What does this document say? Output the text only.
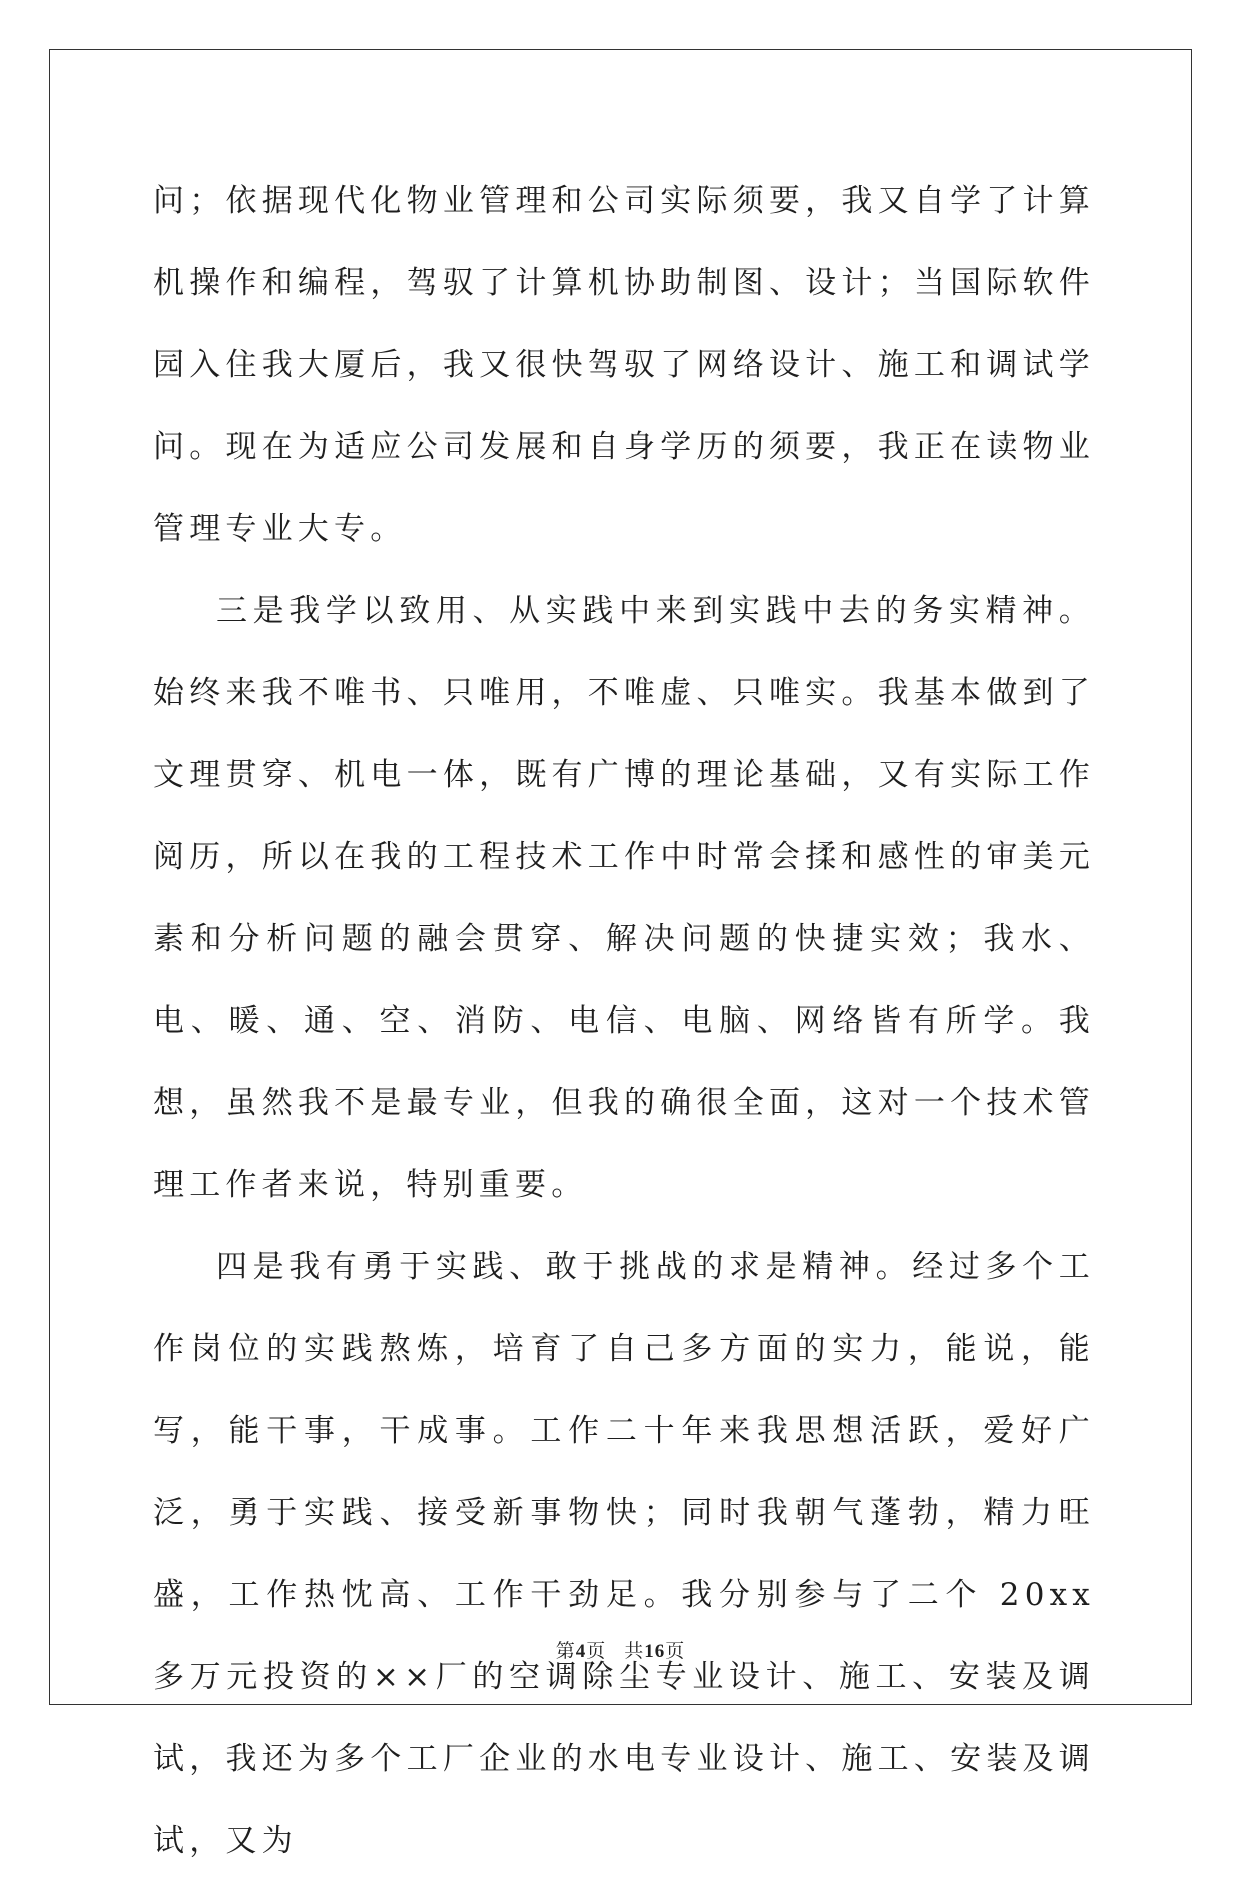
问；依据现代化物业管理和公司实际须要，我又自学了计算机操作和编程，驾驭了计算机协助制图、设计；当国际软件园入住我大厦后，我又很快驾驭了网络设计、施工和调试学问。现在为适应公司发展和自身学历的须要，我正在读物业管理专业大专。

三是我学以致用、从实践中来到实践中去的务实精神。始终来我不唯书、只唯用，不唯虚、只唯实。我基本做到了文理贯穿、机电一体，既有广博的理论基础，又有实际工作阅历，所以在我的工程技术工作中时常会揉和感性的审美元素和分析问题的融会贯穿、解决问题的快捷实效；我水、电、暖、通、空、消防、电信、电脑、网络皆有所学。我想，虽然我不是最专业，但我的确很全面，这对一个技术管理工作者来说，特别重要。

四是我有勇于实践、敢于挑战的求是精神。经过多个工作岗位的实践熬炼，培育了自己多方面的实力，能说，能写，能干事，干成事。工作二十年来我思想活跃，爱好广泛，勇于实践、接受新事物快；同时我朝气蓬勃，精力旺盛，工作热忱高、工作干劲足。我分别参与了二个 20xx 多万元投资的××厂的空调除尘专业设计、施工、安装及调试，我还为多个工厂企业的水电专业设计、施工、安装及调试，又为

第4页 共16页
